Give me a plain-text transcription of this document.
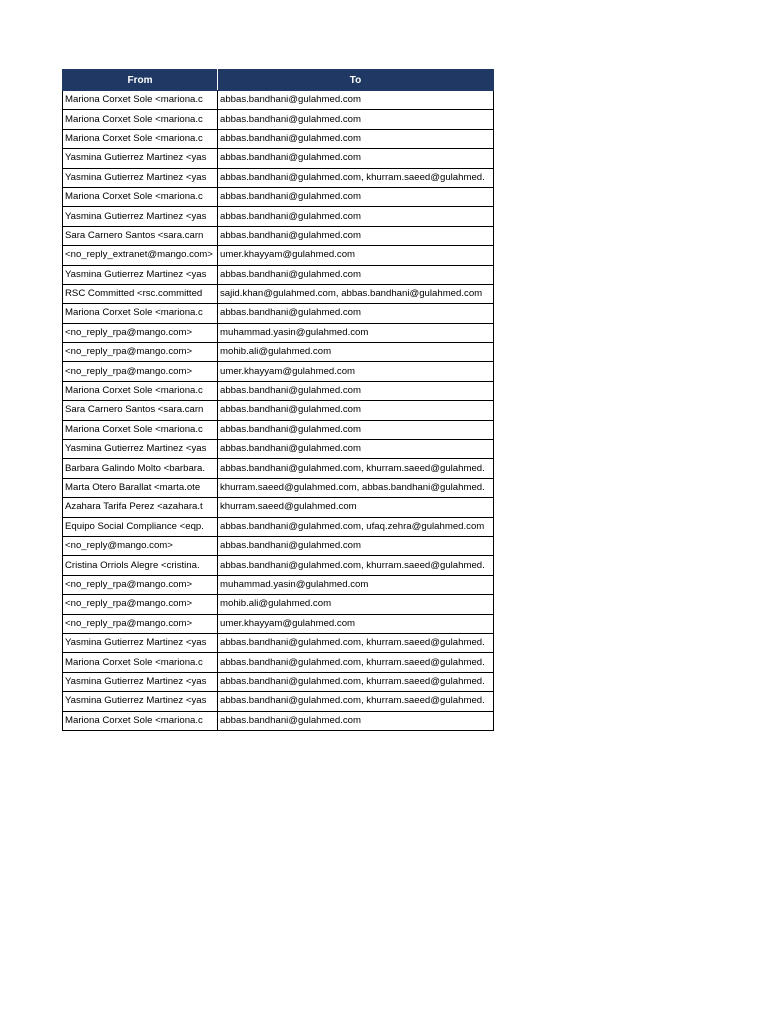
From	To
Mariona Corxet Sole <mariona.c	abbas.bandhani@gulahmed.com
Mariona Corxet Sole <mariona.c	abbas.bandhani@gulahmed.com
Mariona Corxet Sole <mariona.c	abbas.bandhani@gulahmed.com
Yasmina Gutierrez Martinez <yas	abbas.bandhani@gulahmed.com
Yasmina Gutierrez Martinez <yas	abbas.bandhani@gulahmed.com, khurram.saeed@gulahmed.
Mariona Corxet Sole <mariona.c	abbas.bandhani@gulahmed.com
Yasmina Gutierrez Martinez <yas	abbas.bandhani@gulahmed.com
Sara Carnero Santos <sara.carn	abbas.bandhani@gulahmed.com
<no_reply_extranet@mango.com>	umer.khayyam@gulahmed.com
Yasmina Gutierrez Martinez <yas	abbas.bandhani@gulahmed.com
RSC Committed <rsc.committed	sajid.khan@gulahmed.com, abbas.bandhani@gulahmed.com
Mariona Corxet Sole <mariona.c	abbas.bandhani@gulahmed.com
<no_reply_rpa@mango.com>	muhammad.yasin@gulahmed.com
<no_reply_rpa@mango.com>	mohib.ali@gulahmed.com
<no_reply_rpa@mango.com>	umer.khayyam@gulahmed.com
Mariona Corxet Sole <mariona.c	abbas.bandhani@gulahmed.com
Sara Carnero Santos <sara.carn	abbas.bandhani@gulahmed.com
Mariona Corxet Sole <mariona.c	abbas.bandhani@gulahmed.com
Yasmina Gutierrez Martinez <yas	abbas.bandhani@gulahmed.com
Barbara Galindo Molto <barbara.	abbas.bandhani@gulahmed.com, khurram.saeed@gulahmed.
Marta Otero Barallat <marta.ote	khurram.saeed@gulahmed.com, abbas.bandhani@gulahmed.
Azahara Tarifa Perez <azahara.t	khurram.saeed@gulahmed.com
Equipo Social Compliance <eqp.	abbas.bandhani@gulahmed.com, ufaq.zehra@gulahmed.com
<no_reply@mango.com>	abbas.bandhani@gulahmed.com
Cristina Orriols Alegre <cristina.	abbas.bandhani@gulahmed.com, khurram.saeed@gulahmed.
<no_reply_rpa@mango.com>	muhammad.yasin@gulahmed.com
<no_reply_rpa@mango.com>	mohib.ali@gulahmed.com
<no_reply_rpa@mango.com>	umer.khayyam@gulahmed.com
Yasmina Gutierrez Martinez <yas	abbas.bandhani@gulahmed.com, khurram.saeed@gulahmed.
Mariona Corxet Sole <mariona.c	abbas.bandhani@gulahmed.com, khurram.saeed@gulahmed.
Yasmina Gutierrez Martinez <yas	abbas.bandhani@gulahmed.com, khurram.saeed@gulahmed.
Yasmina Gutierrez Martinez <yas	abbas.bandhani@gulahmed.com, khurram.saeed@gulahmed.
Mariona Corxet Sole <mariona.c	abbas.bandhani@gulahmed.com
